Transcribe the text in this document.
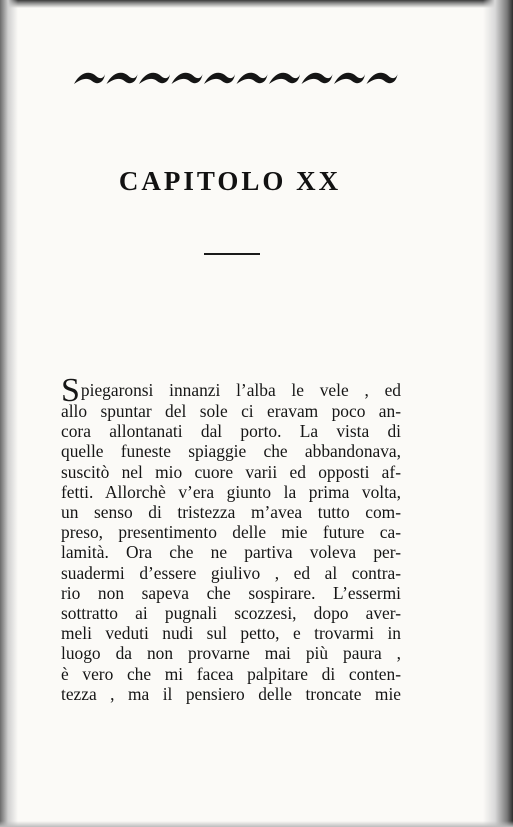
CAPITOLO XX
Spiegaronsi innanzi l’alba le vele , ed
allo spuntar del sole ci eravam poco an-
cora allontanati dal porto. La vista di
quelle funeste spiaggie che abbandonava,
suscitò nel mio cuore varii ed opposti af-
fetti. Allorchè v’era giunto la prima volta,
un senso di tristezza m’avea tutto com-
preso, presentimento delle mie future ca-
lamità. Ora che ne partiva voleva per-
suadermi d’essere giulivo , ed al contra-
rio non sapeva che sospirare. L’essermi
sottratto ai pugnali scozzesi, dopo aver-
meli veduti nudi sul petto, e trovarmi in
luogo da non provarne mai più paura ,
è vero che mi facea palpitare di conten-
tezza , ma il pensiero delle troncate mie
